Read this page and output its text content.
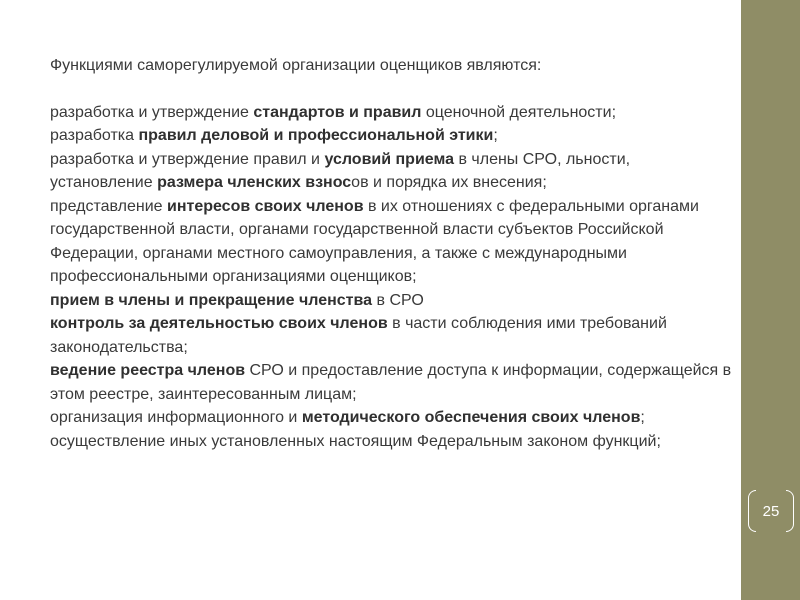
25

Функциями саморегулируемой организации оценщиков являются:

разработка и утверждение стандартов и правил оценочной деятельности;

разработка правил деловой и профессиональной этики;

разработка и утверждение правил и условий приема в члены СРО, льности, установление размера членских взносов и порядка их внесения;

представление интересов своих членов в их отношениях с федеральными органами государственной власти, органами государственной власти субъектов Российской Федерации, органами местного самоуправления, а также с международными профессиональными организациями оценщиков;

прием в члены и прекращение членства в СРО

контроль за деятельностью своих членов в части соблюдения ими требований законодательства;

ведение реестра членов СРО и предоставление доступа к информации, содержащейся в этом реестре, заинтересованным лицам;

организация информационного и методического обеспечения своих членов;

осуществление иных установленных настоящим Федеральным законом функций;
